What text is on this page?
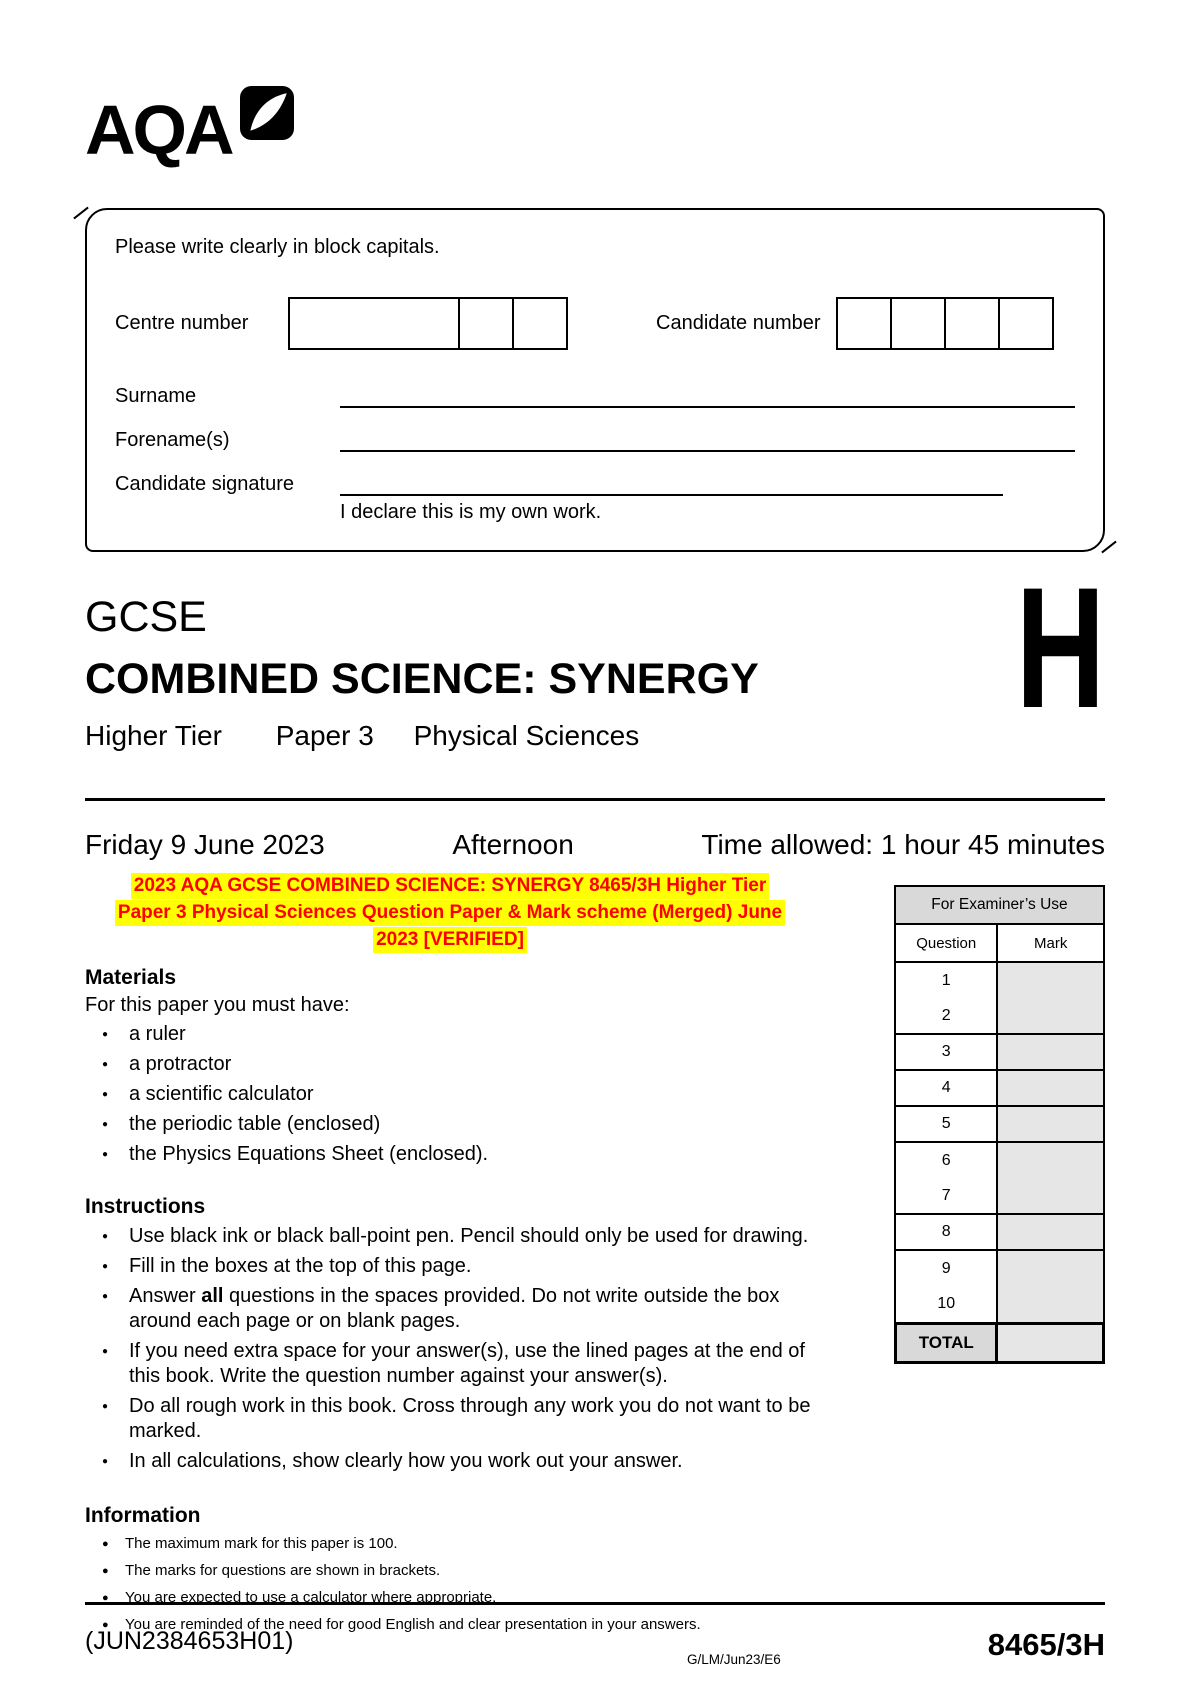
AQA
Please write clearly in block capitals.
Centre number	Candidate number
Surname
Forename(s)
Candidate signature
I declare this is my own work.
GCSE
COMBINED SCIENCE: SYNERGY
Higher Tier Paper 3 Physical Sciences	H
Friday 9 June 2023	Afternoon	Time allowed: 1 hour 45 minutes
2023 AQA GCSE COMBINED SCIENCE: SYNERGY 8465/3H Higher TierPaper 3 Physical Sciences Question Paper & Mark scheme (Merged) June2023 [VERIFIED]
Materials
For this paper you must have:
● a ruler
● a protractor
● a scientific calculator
● the periodic table (enclosed)
● the Physics Equations Sheet (enclosed).
Instructions
● Use black ink or black ball-point pen. Pencil should only be used for drawing.
● Fill in the boxes at the top of this page.
● Answer all questions in the spaces provided. Do not write outside the box around each page or on blank pages.
● If you need extra space for your answer(s), use the lined pages at the end of this book. Write the question number against your answer(s).
● Do all rough work in this book. Cross through any work you do not want to be marked.
● In all calculations, show clearly how you work out your answer.
Information
● The maximum mark for this paper is 100.
● The marks for questions are shown in brackets.
● You are expected to use a calculator where appropriate.
● You are reminded of the need for good English and clear presentation in your answers.
For Examiner’s Use	
Question	Mark
1	
2	
3	
4	
5	
6	
7	
8	
9	
10	
TOTAL
(JUN2384653H01)	8465/3H
G/LM/Jun23/E6
